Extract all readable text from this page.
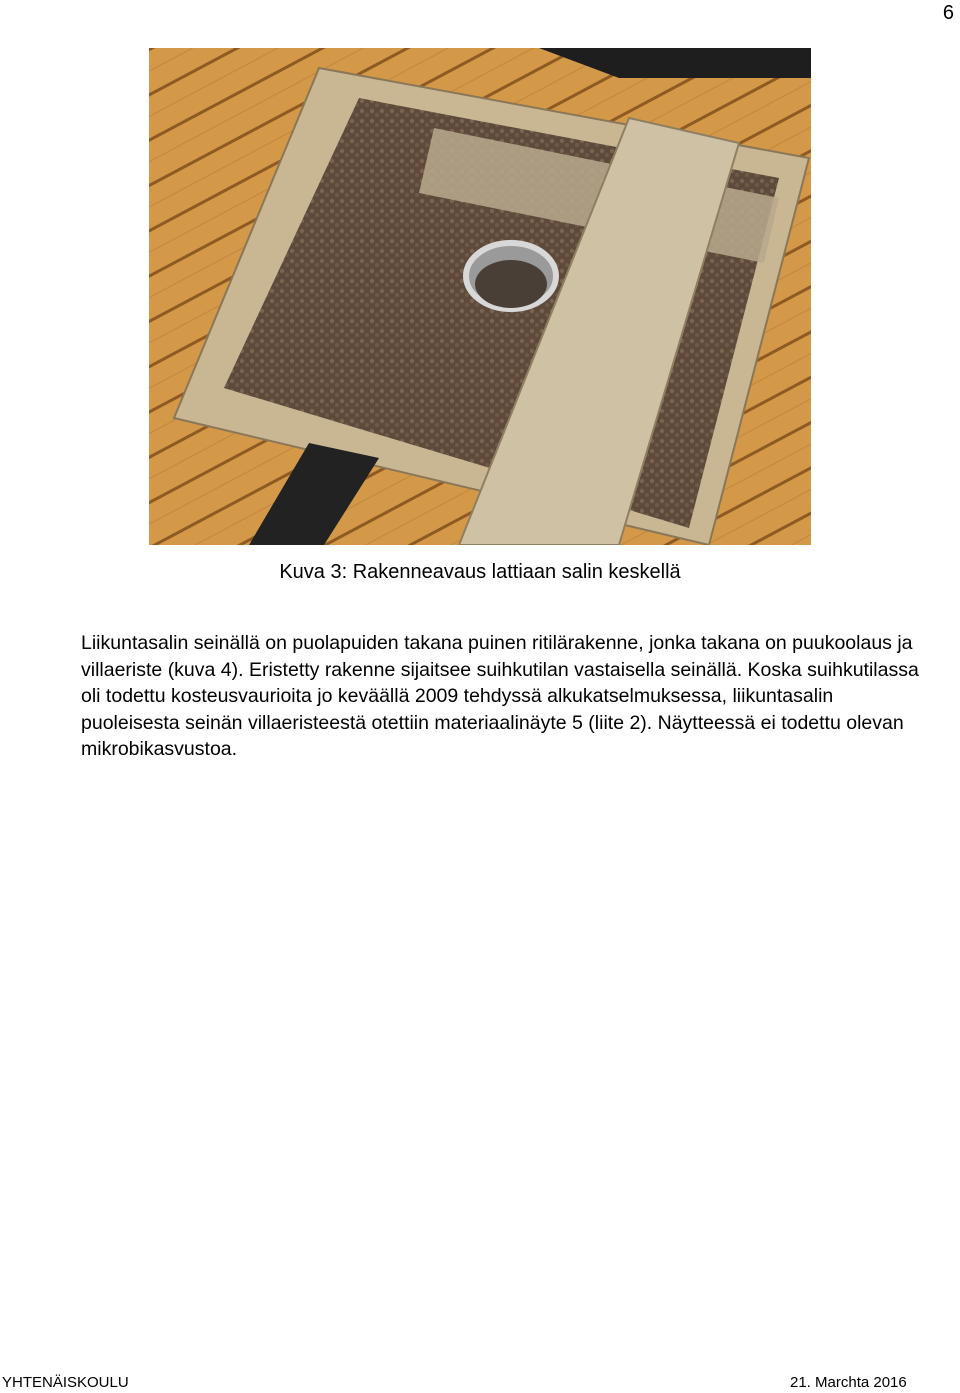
6
Kuva 3: Rakenneavaus lattiaan salin keskellä

Liikuntasalin seinällä on puolapuiden takana puinen ritilärakenne, jonka takana on puukoolaus ja villaeriste (kuva 4). Eristetty rakenne sijaitsee suihkutilan vastaisella seinällä. Koska suihkutilassa oli todettu kosteusvaurioita jo keväällä 2009 tehdyssä alkukatselmuksessa, liikuntasalin puoleisesta seinän villaeristeestä otettiin materiaalinäyte 5 (liite 2). Näytteessä ei todettu olevan mikrobikasvustoa.

YHTENÄISKOULU	21. Marchta 2016
